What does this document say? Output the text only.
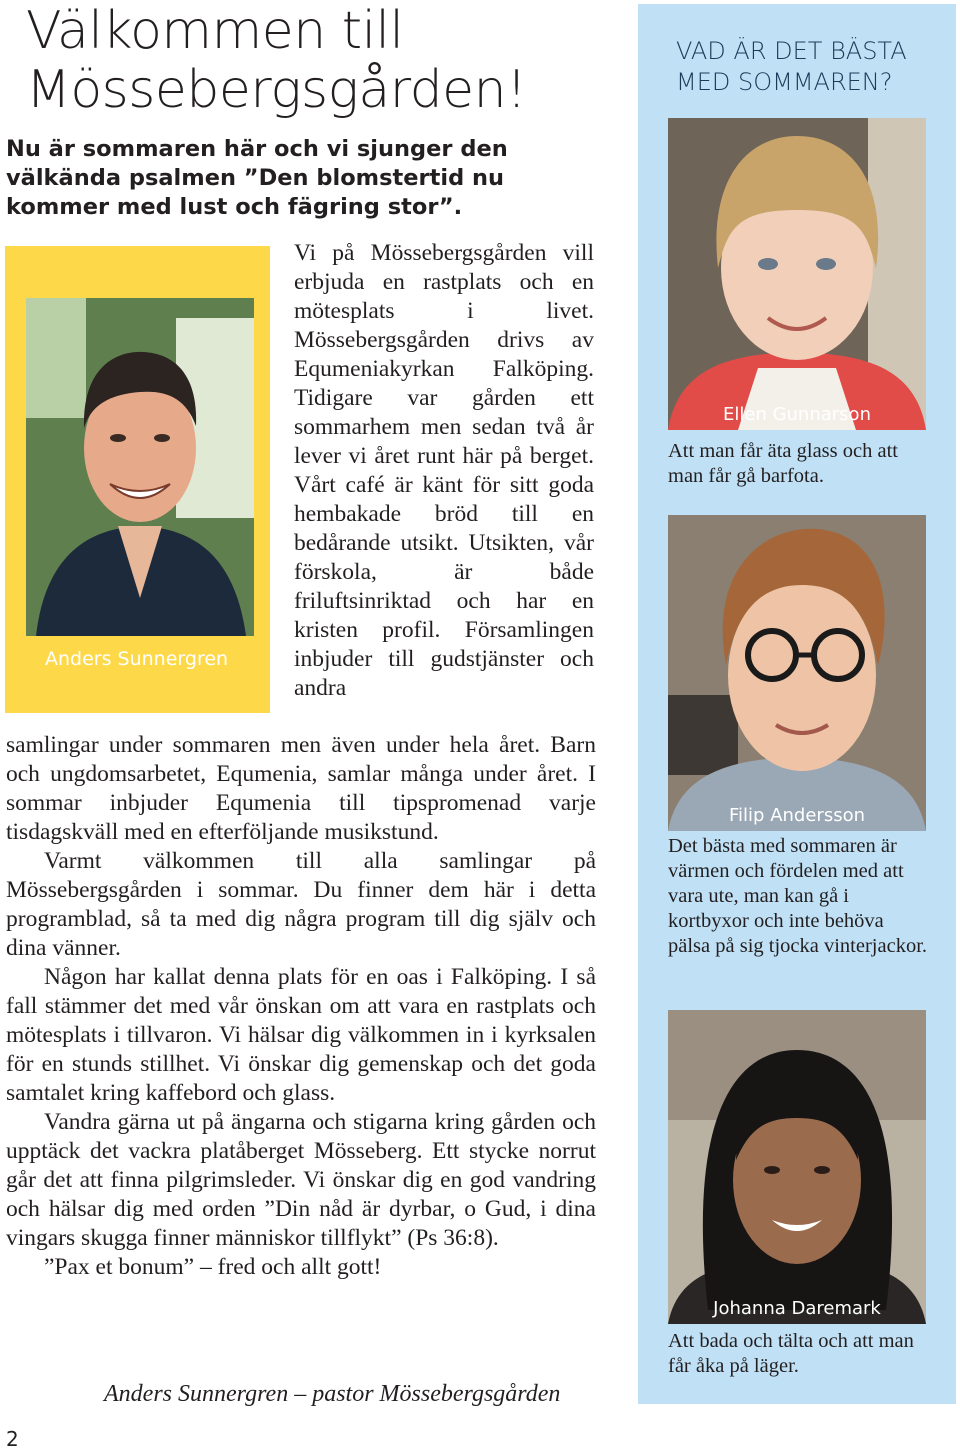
Välkommen till Mössebergsgården!

Nu är sommaren här och vi sjunger den välkända psalmen ”Den blomstertid nu kommer med lust och fägring stor”.

Anders Sunnergren

Vi på Mössebergsgården vill erbjuda en rastplats och en mötesplats i livet. Mössebergsgården drivs av Equmeniakyrkan Falköping. Tidigare var gården ett sommarhem men sedan två år lever vi året runt här på berget. Vårt café är känt för sitt goda hembakade bröd till en bedårande utsikt. Utsikten, vår förskola, är både friluftsinriktad och har en kristen profil. Församlingen inbjuder till gudstjänster och andra

samlingar under sommaren men även under hela året. Barn och ungdomsarbetet, Equmenia, samlar många under året. I sommar inbjuder Equmenia till tipspromenad varje tisdagskväll med en efterföljande musikstund.

Varmt välkommen till alla samlingar på Mössebergsgården i sommar. Du finner dem här i detta programblad, så ta med dig några program till dig själv och dina vänner.

Någon har kallat denna plats för en oas i Falköping. I så fall stämmer det med vår önskan om att vara en rastplats och mötesplats i tillvaron. Vi hälsar dig välkommen in i kyrksalen för en stunds stillhet. Vi önskar dig gemenskap och det goda samtalet kring kaffebord och glass.

Vandra gärna ut på ängarna och stigarna kring gården och upptäck det vackra platåberget Mösseberg. Ett stycke norrut går det att finna pilgrimsleder. Vi önskar dig en god vandring och hälsar dig med orden ”Din nåd är dyrbar, o Gud, i dina vingars skugga finner människor tillflykt” (Ps 36:8).

”Pax et bonum” – fred och allt gott!

Anders Sunnergren – pastor Mössebergsgården
2
VAD ÄR DET BÄSTA MED SOMMAREN?
Ellen Gunnarson

Att man får äta glass och att man får gå barfota.

Filip Andersson

Det bästa med sommaren är värmen och fördelen med att vara ute, man kan gå i kortbyxor och inte behöva pälsa på sig tjocka vinterjackor.

Johanna Daremark

Att bada och tälta och att man får åka på läger.
